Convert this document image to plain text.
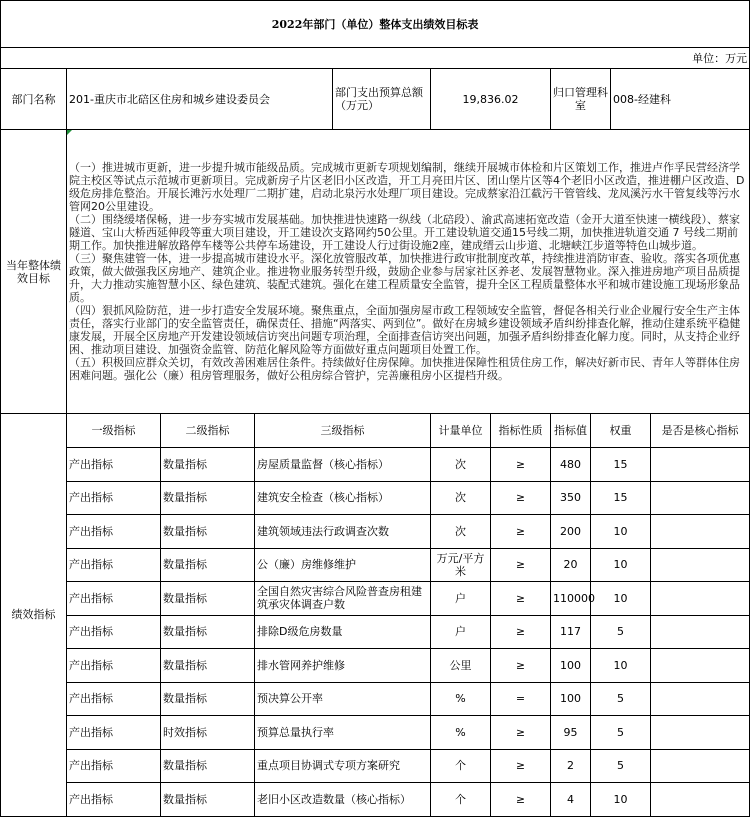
2022年部门（单位）整体支出绩效目标表										
单位：万元										
部门名称	201-重庆市北碚区住房和城乡建设委员会			部门支出预算总额（万元）	19,836.02		归口管理科室		008-经建科	
当年整体绩效目标	（一）推进城市更新，进一步提升城市能级品质。完成城市更新专项规划编制，继续开展城市体检和片区策划工作，推进卢作孚民营经济学院主校区等试点示范城市更新项目。完成新房子片区老旧小区改造，开工月亮田片区、团山堡片区等4个老旧小区改造，推进棚户区改造、D级危房排危整治。开展长滩污水处理厂二期扩建，启动北泉污水处理厂项目建设。完成蔡家沿江截污干管管线、龙凤溪污水干管复线等污水管网20公里建设。

（二）围绕缓堵保畅，进一步夯实城市发展基础。加快推进快速路一纵线（北碚段）、渝武高速拓宽改造（金开大道至快速一横线段）、蔡家隧道、宝山大桥西延伸段等重大项目建设，开工建设次支路网约50公里。开工建设轨道交通15号线二期，加快推进轨道交通 7 号线二期前期工作。加快推进解放路停车楼等公共停车场建设，开工建设人行过街设施2座，建成缙云山步道、北塘峡江步道等特色山城步道。

（三）聚焦建管一体，进一步提高城市建设水平。深化放管服改革，加快推进行政审批制度改革，持续推进消防审查、验收。落实各项优惠政策，做大做强我区房地产、建筑企业。推进物业服务转型升级，鼓励企业参与居家社区养老、发展智慧物业。深入推进房地产项目品质提升，大力推动实施智慧小区、绿色建筑、装配式建筑。强化在建工程质量安全监管，提升全区工程质量整体水平和城市建设施工现场形象品质。

（四）狠抓风险防范，进一步打造安全发展环境。聚焦重点，全面加强房屋市政工程领域安全监管，督促各相关行业企业履行安全生产主体责任，落实行业部门的安全监管责任，确保责任、措施“两落实、两到位”。做好在房城乡建设领域矛盾纠纷排查化解，推动住建系统平稳健康发展，开展全区房地产开发建设领域信访突出问题专项治理，全面排查信访突出问题，加强矛盾纠纷排查化解力度。同时，从支持企业纾困、推动项目建设、加强资金监管、防范化解风险等方面做好重点问题项目处置工作。

（五）积极回应群众关切，有效改善困难居住条件。持续做好住房保障。加快推进保障性租赁住房工作，解决好新市民、青年人等群体住房困难问题。强化公（廉）租房管理服务，做好公租房综合管护，完善廉租房小区提档升级。									

绩效指标	一级指标	二级指标	三级指标		计量单位	指标性质	指标值	权重		是否是核心指标
	产出指标	数量指标	房屋质量监督（核心指标）		次	≥	480	15		
	产出指标	数量指标	建筑安全检查（核心指标）		次	≥	350	15		
	产出指标	数量指标	建筑领域违法行政调查次数		次	≥	200	10		
	产出指标	数量指标	公（廉）房维修维护		万元/平方米	≥	20	10		
	产出指标	数量指标	全国自然灾害综合风险普查房租建筑承灾体调查户数		户	≥	110000	10		
	产出指标	数量指标	排除D级危房数量		户	≥	117	5		
	产出指标	数量指标	排水管网养护维修		公里	≥	100	10		
	产出指标	数量指标	预决算公开率		%	=	100	5		
	产出指标	时效指标	预算总量执行率		%	≥	95	5		
	产出指标	数量指标	重点项目协调式专项方案研究		个	≥	2	5		
	产出指标	数量指标	老旧小区改造数量（核心指标）		个	≥	4	10		
